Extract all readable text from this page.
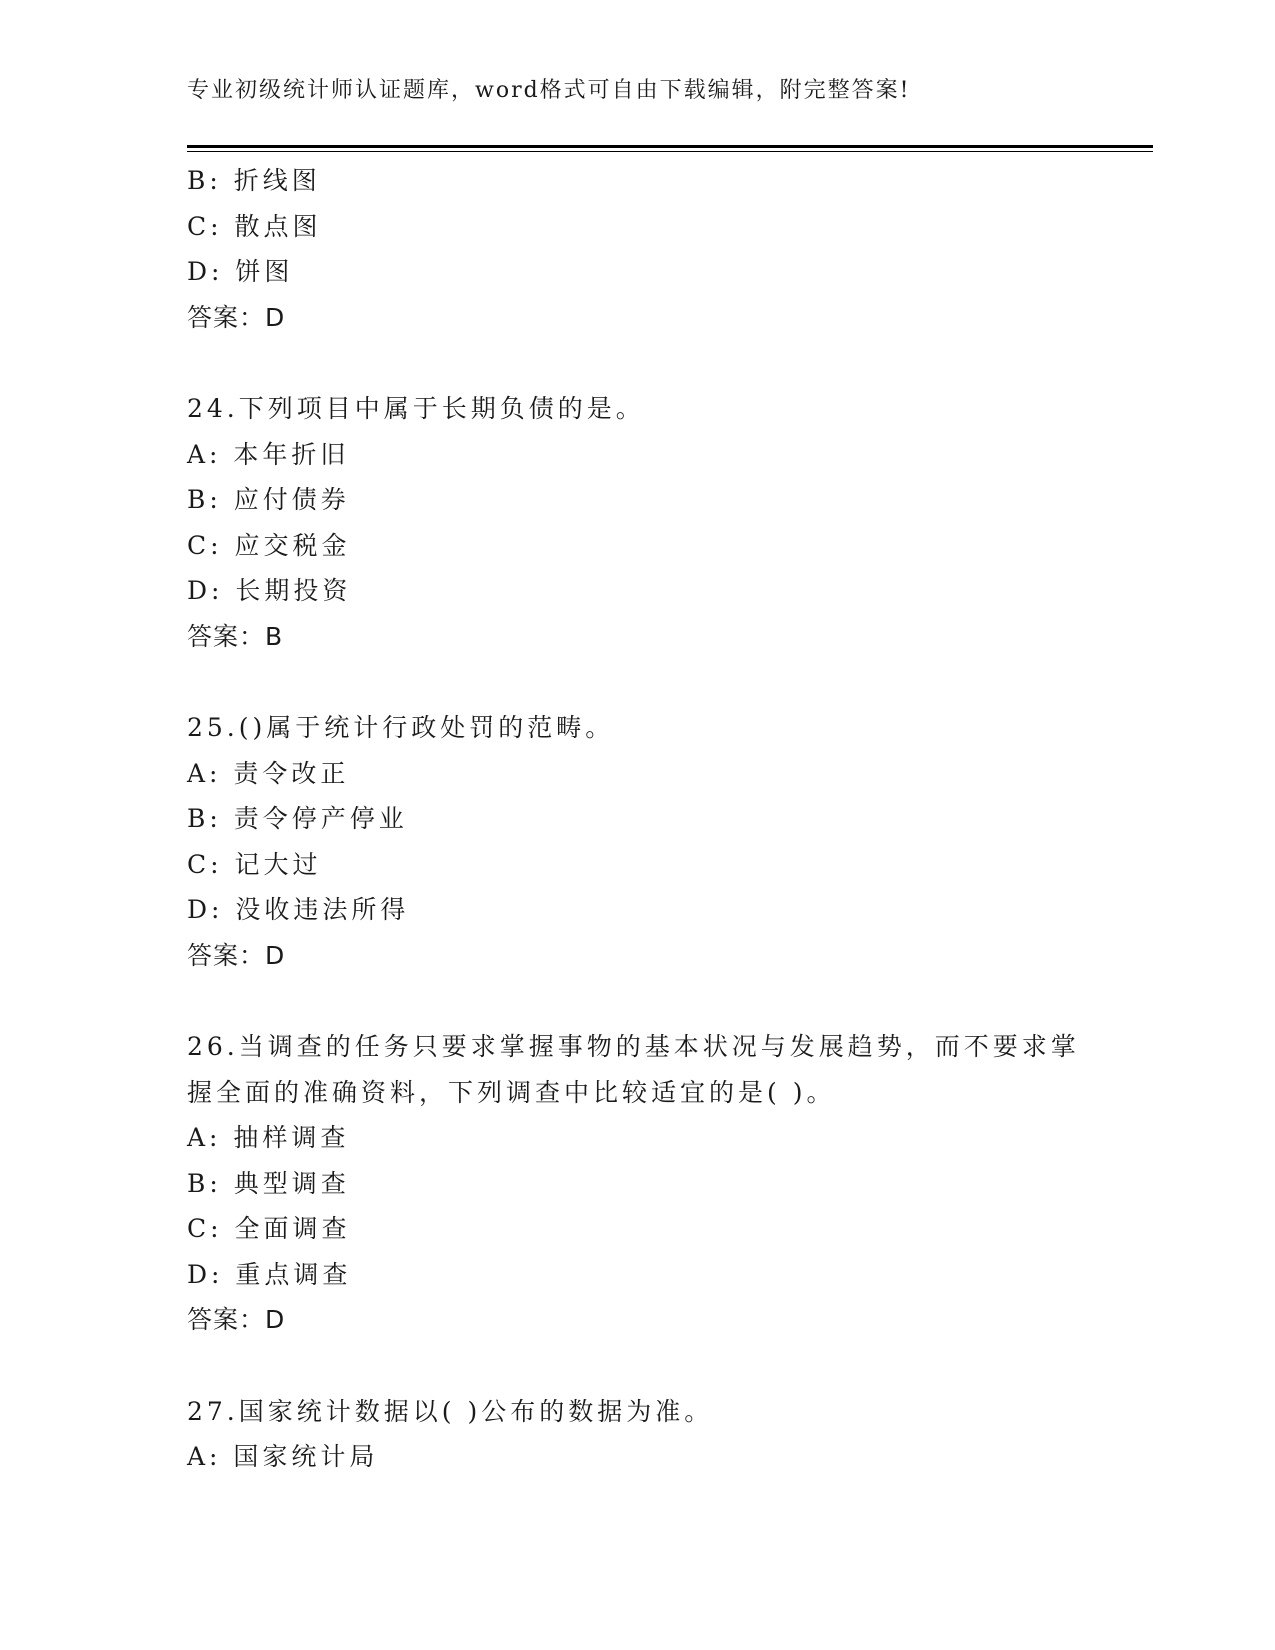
专业初级统计师认证题库，word格式可自由下载编辑，附完整答案!
B: 折线图
C: 散点图
D: 饼图
答案：D
24.下列项目中属于长期负债的是。
A: 本年折旧
B: 应付债券
C: 应交税金
D: 长期投资
答案：B
25.()属于统计行政处罚的范畴。
A: 责令改正
B: 责令停产停业
C: 记大过
D: 没收违法所得
答案：D
26.当调查的任务只要求掌握事物的基本状况与发展趋势，而不要求掌
握全面的准确资料，下列调查中比较适宜的是( )。
A: 抽样调查
B: 典型调查
C: 全面调查
D: 重点调查
答案：D
27.国家统计数据以( )公布的数据为准。
A: 国家统计局
